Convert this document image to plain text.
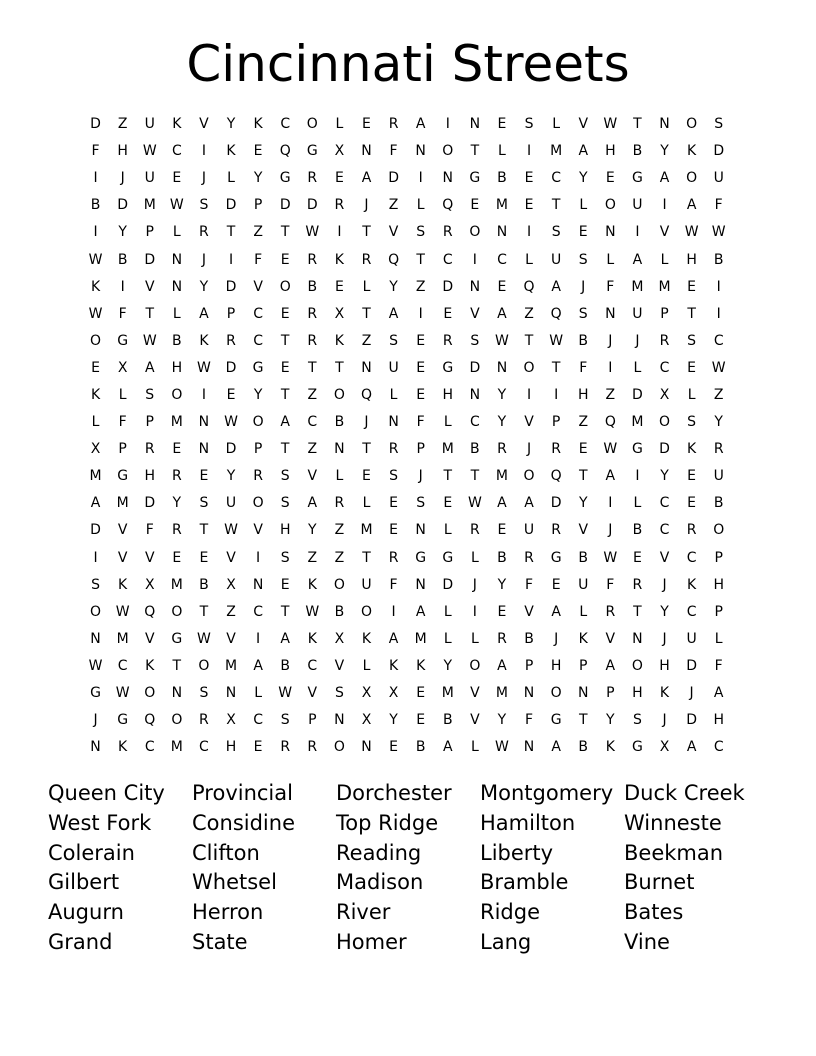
Cincinnati Streets
D	Z	U	K	V	Y	K	C	O	L	E	R	A	I	N	E	S	L	V	W	T	N	O	S
F	H	W	C	I	K	E	Q	G	X	N	F	N	O	T	L	I	M	A	H	B	Y	K	D
I	J	U	E	J	L	Y	G	R	E	A	D	I	N	G	B	E	C	Y	E	G	A	O	U
B	D	M	W	S	D	P	D	D	R	J	Z	L	Q	E	M	E	T	L	O	U	I	A	F
I	Y	P	L	R	T	Z	T	W	I	T	V	S	R	O	N	I	S	E	N	I	V	W W
W	B	D	N	J	I	F	E	R	K	R	Q	T	C	I	C	L	U	S	L	A	L	H	B
K	I	V	N	Y	D	V	O	B	E	L	Y	Z	D	N	E	Q	A	J	F	M	M	E	I
W	F	T	L	A	P	C	E	R	X	T	A	I	E	V	A	Z	Q	S	N	U	P	T	I
O	G	W	B	K	R	C	T	R	K	Z	S	E	R	S	W	T	W	B	J	J	R	S	C
E	X	A	H	W	D	G	E	T	T	N	U	E	G	D	N	O	T	F	I	L	C	E	W
K	L	S	O	I	E	Y	T	Z	O	Q	L	E	H	N	Y	I	I	H	Z	D	X	L	Z
L	F	P	M	N	W	O	A	C	B	J	N	F	L	C	Y	V	P	Z	Q	M	O	S	Y
X	P	R	E	N	D	P	T	Z	N	T	R	P	M	B	R	J	R	E	W	G	D	K	R
M	G	H	R	E	Y	R	S	V	L	E	S	J	T	T	M	O	Q	T	A	I	Y	E	U
A	M	D	Y	S	U	O	S	A	R	L	E	S	E	W	A	A	D	Y	I	L	C	E	B
D	V	F	R	T	W	V	H	Y	Z	M	E	N	L	R	E	U	R	V	J	B	C	R	O
I	V	V	E	E	V	I	S	Z	Z	T	R	G	G	L	B	R	G	B	W	E	V	C	P
S	K	X	M	B	X	N	E	K	O	U	F	N	D	J	Y	F	E	U	F	R	J	K	H
O	W	Q	O	T	Z	C	T	W	B	O	I	A	L	I	E	V	A	L	R	T	Y	C	P
N	M	V	G	W	V	I	A	K	X	K	A	M	L	L	R	B	J	K	V	N	J	U	L
W	C	K	T	O	M	A	B	C	V	L	K	K	Y	O	A	P	H	P	A	O	H	D	F
G	W	O	N	S	N	L	W	V	S	X	X	E	M	V	M	N	O	N	P	H	K	J	A
J	G	Q	O	R	X	C	S	P	N	X	Y	E	B	V	Y	F	G	T	Y	S	J	D	H
N	K	C	M	C	H	E	R	R	O	N	E	B	A	L	W	N	A	B	K	G	X	A	C
Queen City
West Fork
Colerain
Gilbert
Augurn
Grand
Provincial
Considine
Clifton
Whetsel
Herron
State
Dorchester
Top Ridge
Reading
Madison
River
Homer
Montgomery
Hamilton
Liberty
Bramble
Ridge
Lang
Duck Creek
Winneste
Beekman
Burnet
Bates
Vine
